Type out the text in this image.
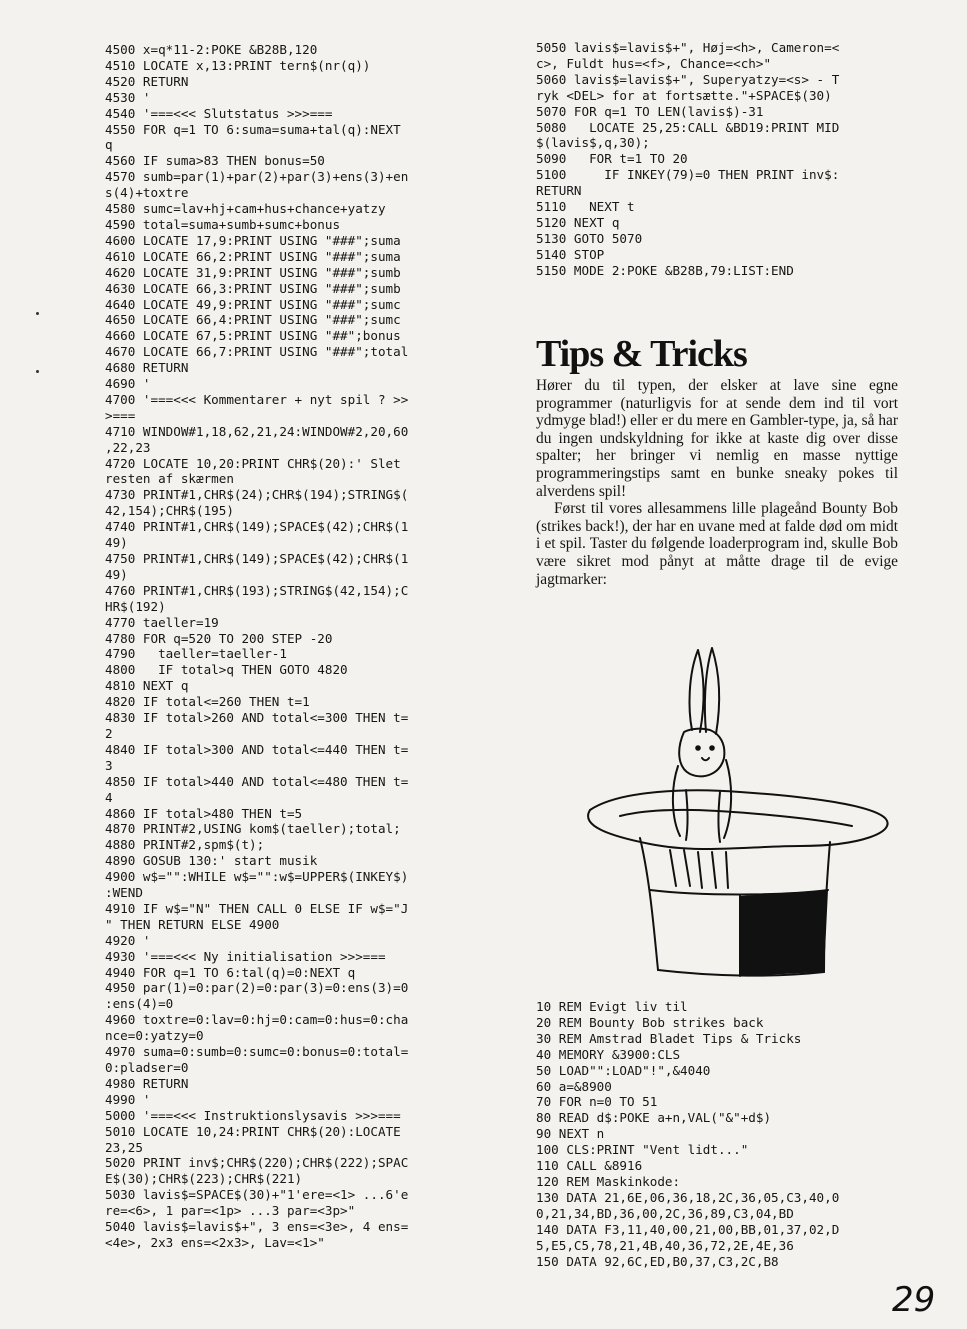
4500 x=q*11-2:POKE &B28B,120
4510 LOCATE x,13:PRINT tern$(nr(q))
4520 RETURN
4530 '
4540 '===<<< Slutstatus >>>===
4550 FOR q=1 TO 6:suma=suma+tal(q):NEXT
q
4560 IF suma>83 THEN bonus=50
4570 sumb=par(1)+par(2)+par(3)+ens(3)+en
s(4)+toxtre
4580 sumc=lav+hj+cam+hus+chance+yatzy
4590 total=suma+sumb+sumc+bonus
4600 LOCATE 17,9:PRINT USING "###";suma
4610 LOCATE 66,2:PRINT USING "###";suma
4620 LOCATE 31,9:PRINT USING "###";sumb
4630 LOCATE 66,3:PRINT USING "###";sumb
4640 LOCATE 49,9:PRINT USING "###";sumc
4650 LOCATE 66,4:PRINT USING "###";sumc
4660 LOCATE 67,5:PRINT USING "##";bonus
4670 LOCATE 66,7:PRINT USING "###";total
4680 RETURN
4690 '
4700 '===<<< Kommentarer + nyt spil ? >>
>===
4710 WINDOW#1,18,62,21,24:WINDOW#2,20,60
,22,23
4720 LOCATE 10,20:PRINT CHR$(20):' Slet
resten af skærmen
4730 PRINT#1,CHR$(24);CHR$(194);STRING$(
42,154);CHR$(195)
4740 PRINT#1,CHR$(149);SPACE$(42);CHR$(1
49)
4750 PRINT#1,CHR$(149);SPACE$(42);CHR$(1
49)
4760 PRINT#1,CHR$(193);STRING$(42,154);C
HR$(192)
4770 taeller=19
4780 FOR q=520 TO 200 STEP -20
4790   taeller=taeller-1
4800   IF total>q THEN GOTO 4820
4810 NEXT q
4820 IF total<=260 THEN t=1
4830 IF total>260 AND total<=300 THEN t=
2
4840 IF total>300 AND total<=440 THEN t=
3
4850 IF total>440 AND total<=480 THEN t=
4
4860 IF total>480 THEN t=5
4870 PRINT#2,USING kom$(taeller);total;
4880 PRINT#2,spm$(t);
4890 GOSUB 130:' start musik
4900 w$="":WHILE w$="":w$=UPPER$(INKEY$)
:WEND
4910 IF w$="N" THEN CALL 0 ELSE IF w$="J
" THEN RETURN ELSE 4900
4920 '
4930 '===<<< Ny initialisation >>>===
4940 FOR q=1 TO 6:tal(q)=0:NEXT q
4950 par(1)=0:par(2)=0:par(3)=0:ens(3)=0
:ens(4)=0
4960 toxtre=0:lav=0:hj=0:cam=0:hus=0:cha
nce=0:yatzy=0
4970 suma=0:sumb=0:sumc=0:bonus=0:total=
0:pladser=0
4980 RETURN
4990 '
5000 '===<<< Instruktionslysavis >>>===
5010 LOCATE 10,24:PRINT CHR$(20):LOCATE
23,25
5020 PRINT inv$;CHR$(220);CHR$(222);SPAC
E$(30);CHR$(223);CHR$(221)
5030 lavis$=SPACE$(30)+"1'ere=<1> ...6'e
re=<6>, 1 par=<1p> ...3 par=<3p>"
5040 lavis$=lavis$+", 3 ens=<3e>, 4 ens=
<4e>, 2x3 ens=<2x3>, Lav=<1>"
5050 lavis$=lavis$+", Høj=<h>, Cameron=<
c>, Fuldt hus=<f>, Chance=<ch>"
5060 lavis$=lavis$+", Superyatzy=<s> - T
ryk <DEL> for at fortsætte."+SPACE$(30)
5070 FOR q=1 TO LEN(lavis$)-31
5080   LOCATE 25,25:CALL &BD19:PRINT MID
$(lavis$,q,30);
5090   FOR t=1 TO 20
5100     IF INKEY(79)=0 THEN PRINT inv$:
RETURN
5110   NEXT t
5120 NEXT q
5130 GOTO 5070
5140 STOP
5150 MODE 2:POKE &B28B,79:LIST:END
Tips & Tricks

Hører du til typen, der elsker at lave sine egne programmer (naturligvis for at sende dem ind til vort ydmyge blad!) eller er du mere en Gambler-type, ja, så har du ingen undskyldning for ikke at kaste dig over disse spalter; her bringer vi nemlig en masse nyttige programmeringstips samt en bunke sneaky pokes til alverdens spil!

Først til vores allesammens lille plageånd Bounty Bob (strikes back!), der har en uvane med at falde død om midt i et spil. Taster du følgende loaderprogram ind, skulle Bob være sikret mod pånyt at måtte drage til de evige jagtmarker:

10 REM Evigt liv til
20 REM Bounty Bob strikes back
30 REM Amstrad Bladet Tips & Tricks
40 MEMORY &3900:CLS
50 LOAD"":LOAD"!",&4040
60 a=&8900
70 FOR n=0 TO 51
80 READ d$:POKE a+n,VAL("&"+d$)
90 NEXT n
100 CLS:PRINT "Vent lidt..."
110 CALL &8916
120 REM Maskinkode:
130 DATA 21,6E,06,36,18,2C,36,05,C3,40,0
0,21,34,BD,36,00,2C,36,89,C3,04,BD
140 DATA F3,11,40,00,21,00,BB,01,37,02,D
5,E5,C5,78,21,4B,40,36,72,2E,4E,36
150 DATA 92,6C,ED,B0,37,C3,2C,B8
29
